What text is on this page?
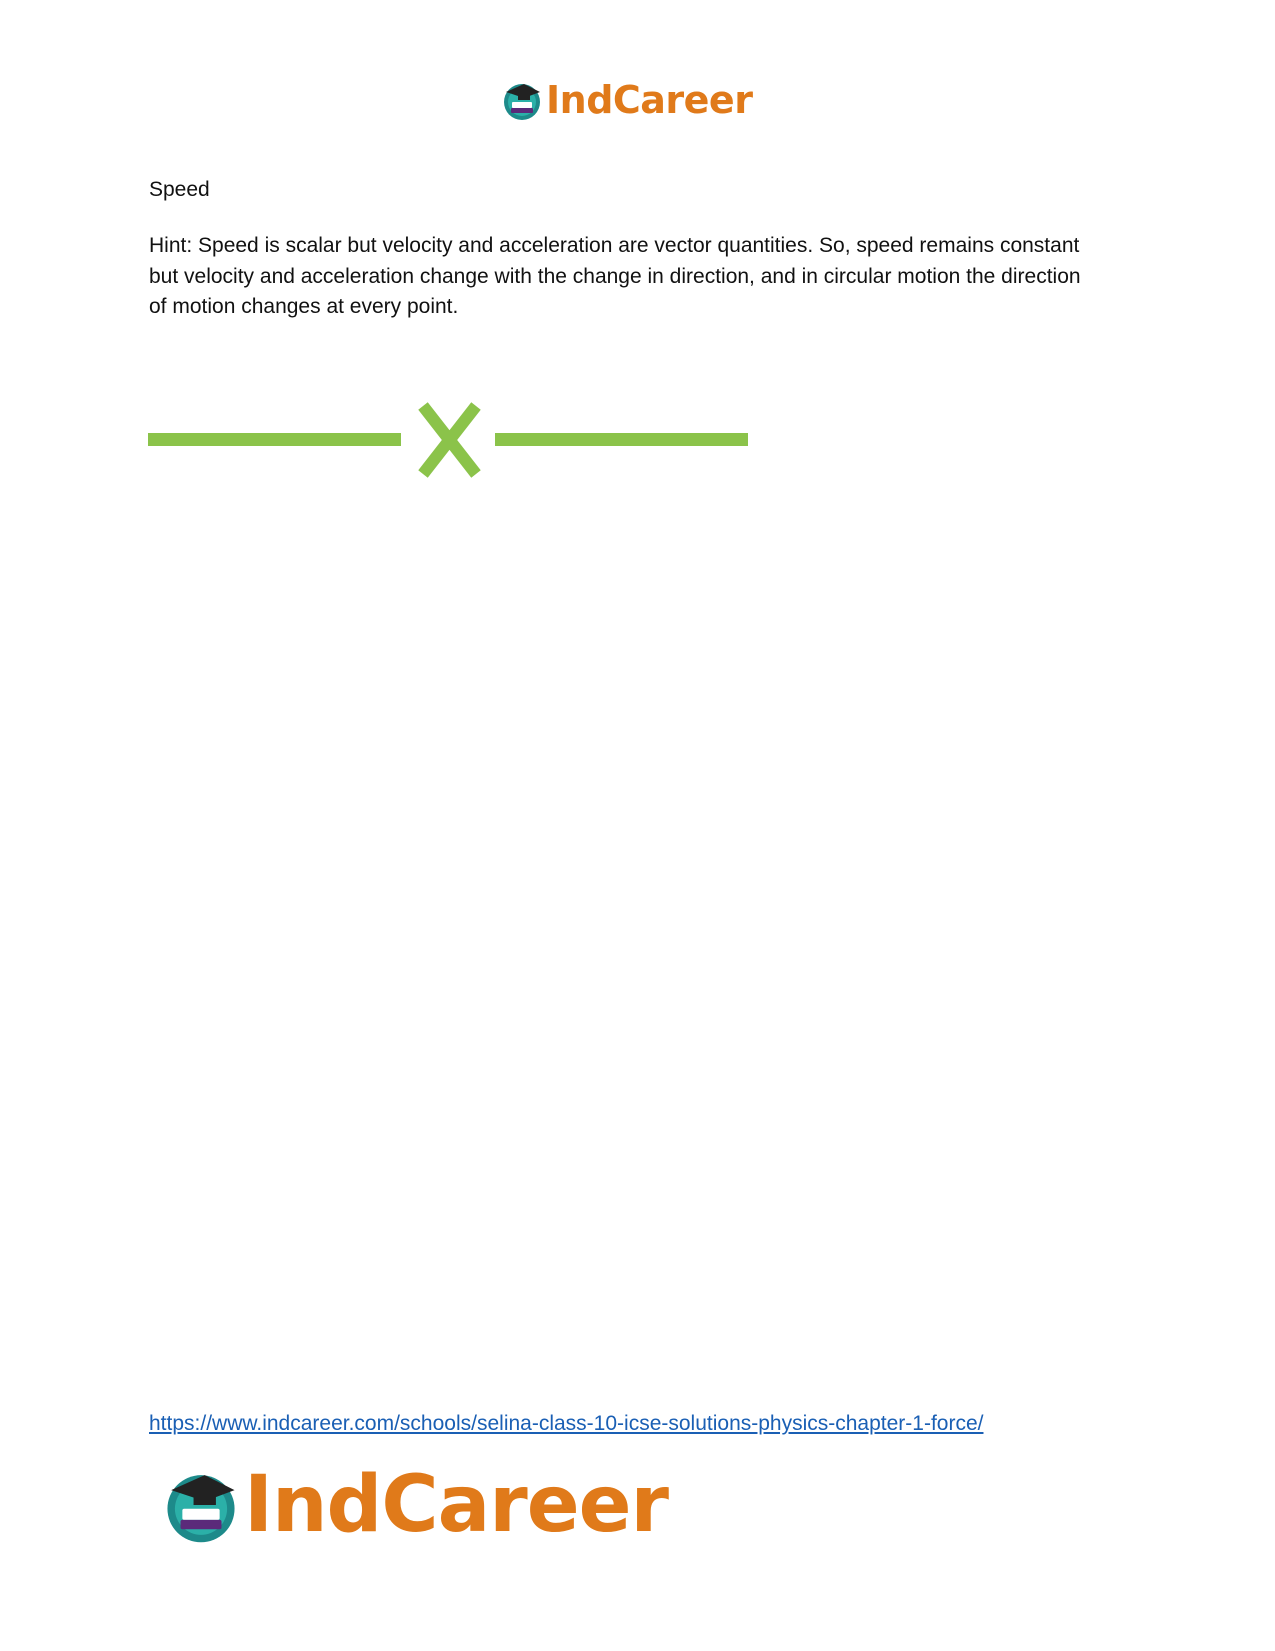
IndCareer
Speed
Hint: Speed is scalar but velocity and acceleration are vector quantities. So, speed remains constant but velocity and acceleration change with the change in direction, and in circular motion the direction of motion changes at every point.
https://www.indcareer.com/schools/selina-class-10-icse-solutions-physics-chapter-1-force/
IndCareer
